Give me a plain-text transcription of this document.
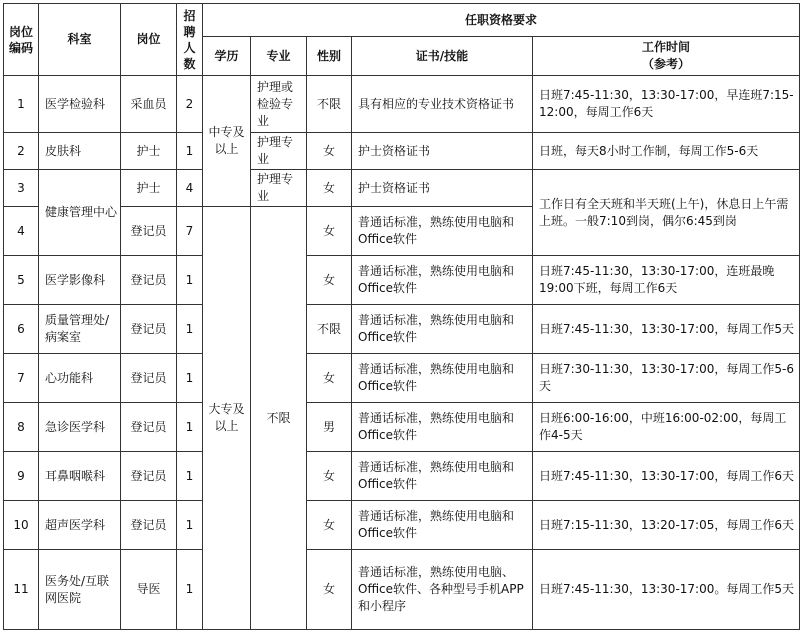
岗位编码	科室	岗位	招聘人数	任职资格要求				
				学历	专业	性别	证书/技能	工作时间
（参考）
1	医学检验科	采血员	2	中专及以上	护理或检验专业	不限	具有相应的专业技术资格证书	日班7:45-11:30，13:30-17:00，早连班7:15-12:00，每周工作6天
2	皮肤科	护士	1		护理专业	女	护士资格证书	日班，每天8小时工作制，每周工作5-6天
3	健康管理中心	护士	4		护理专业	女	护士资格证书	工作日有全天班和半天班(上午)，休息日上午需上班。一般7:10到岗，偶尔6:45到岗
4		登记员	7	大专及以上	不限	女	普通话标准，熟练使用电脑和Office软件	
5	医学影像科	登记员	1			女	普通话标准，熟练使用电脑和Office软件	日班7:45-11:30，13:30-17:00，连班最晚19:00下班，每周工作6天
6	质量管理处/病案室	登记员	1			不限	普通话标准，熟练使用电脑和Office软件	日班7:45-11:30，13:30-17:00，每周工作5天
7	心功能科	登记员	1			女	普通话标准，熟练使用电脑和Office软件	日班7:30-11:30，13:30-17:00，每周工作5-6天
8	急诊医学科	登记员	1			男	普通话标准，熟练使用电脑和Office软件	日班6:00-16:00，中班16:00-02:00，每周工作4-5天
9	耳鼻咽喉科	登记员	1			女	普通话标准，熟练使用电脑和Office软件	日班7:45-11:30，13:30-17:00，每周工作6天
10	超声医学科	登记员	1			女	普通话标准，熟练使用电脑和Office软件	日班7:15-11:30，13:20-17:05，每周工作6天
11	医务处/互联网医院	导医	1			女	普通话标准，熟练使用电脑、Office软件、各种型号手机APP和小程序	日班7:45-11:30，13:30-17:00。每周工作5天
